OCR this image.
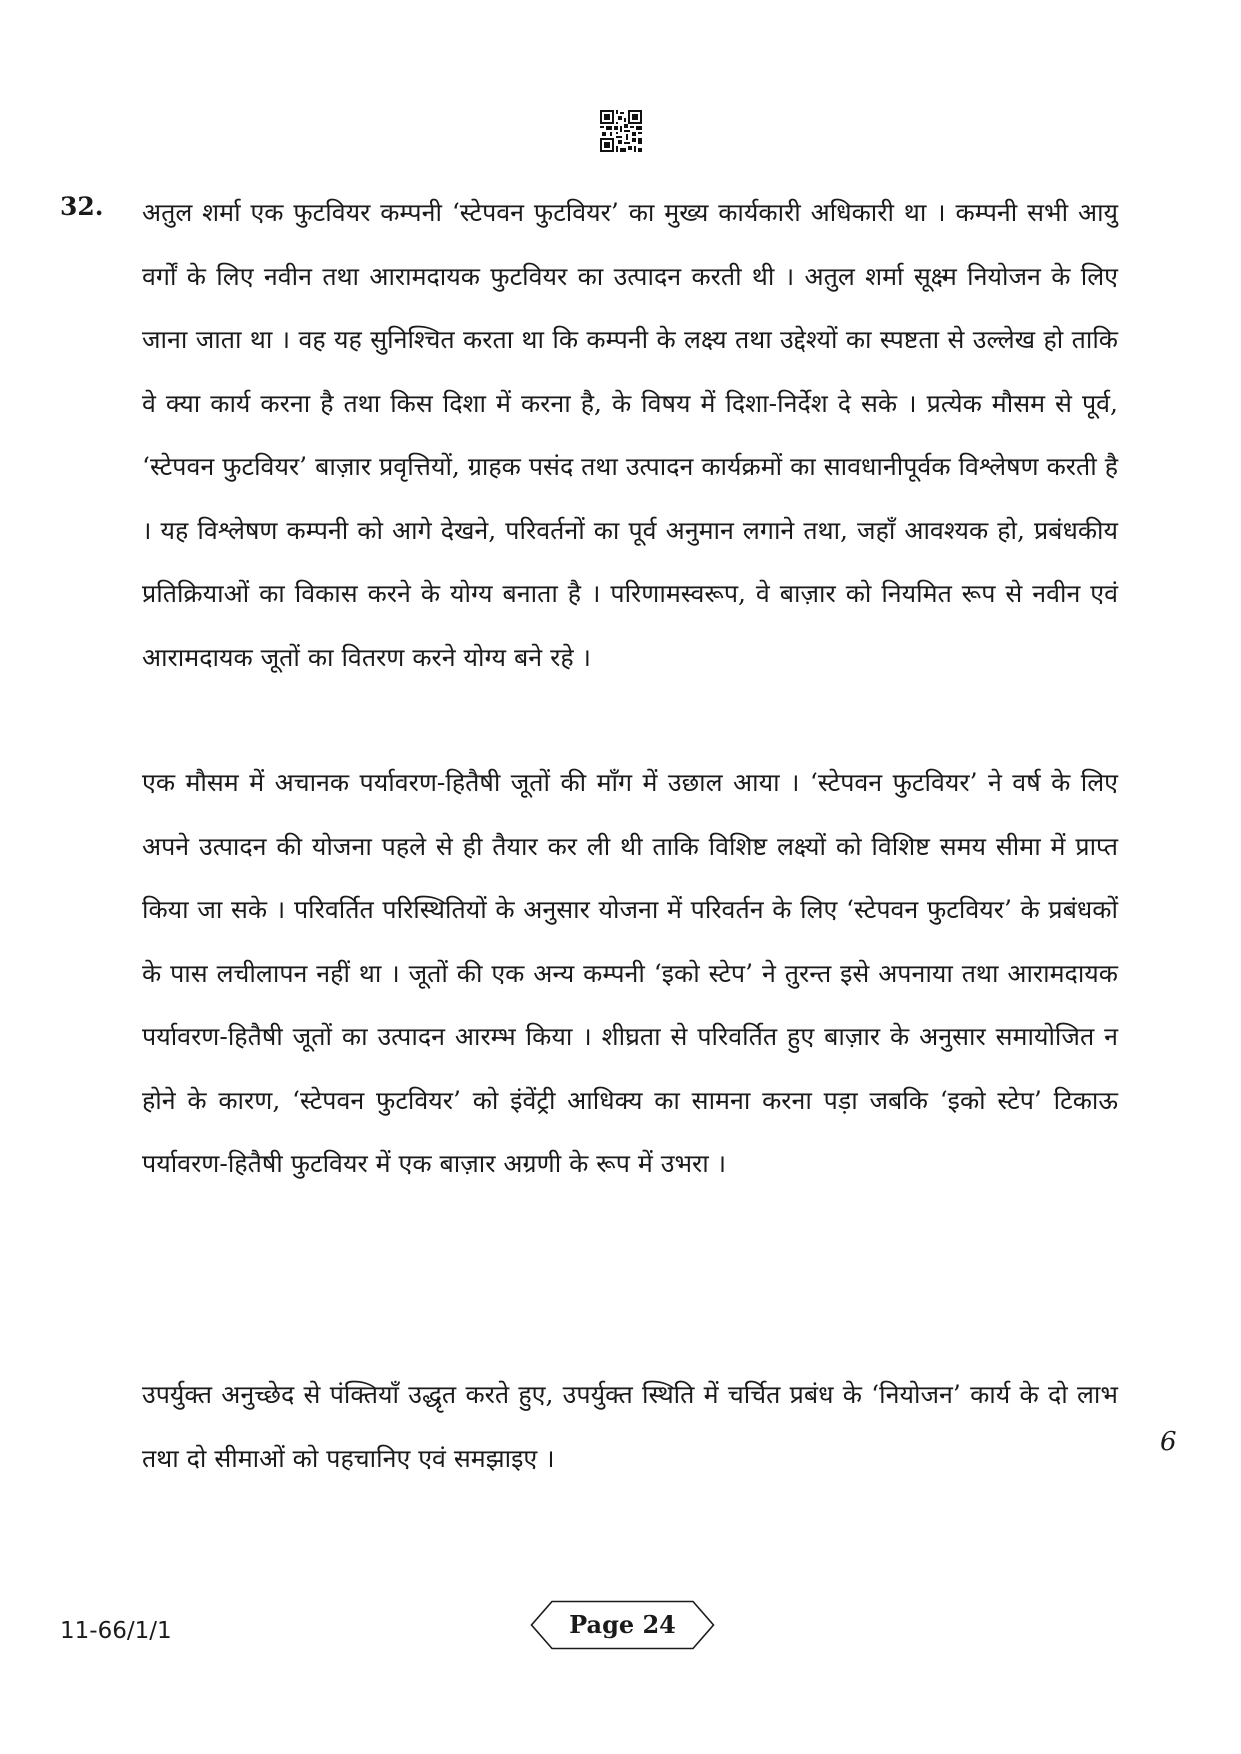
32. अतुल शर्मा एक फुटवियर कम्पनी ‘स्टेपवन फुटवियर’ का मुख्य कार्यकारी अधिकारी था । कम्पनी सभी आयु वर्गों के लिए नवीन तथा आरामदायक फुटवियर का उत्पादन करती थी । अतुल शर्मा सूक्ष्म नियोजन के लिए जाना जाता था । वह यह सुनिश्चित करता था कि कम्पनी के लक्ष्य तथा उद्देश्यों का स्पष्टता से उल्लेख हो ताकि वे क्या कार्य करना है तथा किस दिशा में करना है, के विषय में दिशा-निर्देश दे सके । प्रत्येक मौसम से पूर्व, ‘स्टेपवन फुटवियर’ बाज़ार प्रवृत्तियों, ग्राहक पसंद तथा उत्पादन कार्यक्रमों का सावधानीपूर्वक विश्लेषण करती है । यह विश्लेषण कम्पनी को आगे देखने, परिवर्तनों का पूर्व अनुमान लगाने तथा, जहाँ आवश्यक हो, प्रबंधकीय प्रतिक्रियाओं का विकास करने के योग्य बनाता है । परिणामस्वरूप, वे बाज़ार को नियमित रूप से नवीन एवं आरामदायक जूतों का वितरण करने योग्य बने रहे ।

एक मौसम में अचानक पर्यावरण-हितैषी जूतों की माँग में उछाल आया । ‘स्टेपवन फुटवियर’ ने वर्ष के लिए अपने उत्पादन की योजना पहले से ही तैयार कर ली थी ताकि विशिष्ट लक्ष्यों को विशिष्ट समय सीमा में प्राप्त किया जा सके । परिवर्तित परिस्थितियों के अनुसार योजना में परिवर्तन के लिए ‘स्टेपवन फुटवियर’ के प्रबंधकों के पास लचीलापन नहीं था । जूतों की एक अन्य कम्पनी ‘इको स्टेप’ ने तुरन्त इसे अपनाया तथा आरामदायक पर्यावरण-हितैषी जूतों का उत्पादन आरम्भ किया । शीघ्रता से परिवर्तित हुए बाज़ार के अनुसार समायोजित न होने के कारण, ‘स्टेपवन फुटवियर’ को इंवेंट्री आधिक्य का सामना करना पड़ा जबकि ‘इको स्टेप’ टिकाऊ पर्यावरण-हितैषी फुटवियर में एक बाज़ार अग्रणी के रूप में उभरा ।

उपर्युक्त अनुच्छेद से पंक्तियाँ उद्धृत करते हुए, उपर्युक्त स्थिति में चर्चित प्रबंध के ‘नियोजन’ कार्य के दो लाभ तथा दो सीमाओं को पहचानिए एवं समझाइए ।

6
11-66/1/1	Page 24
